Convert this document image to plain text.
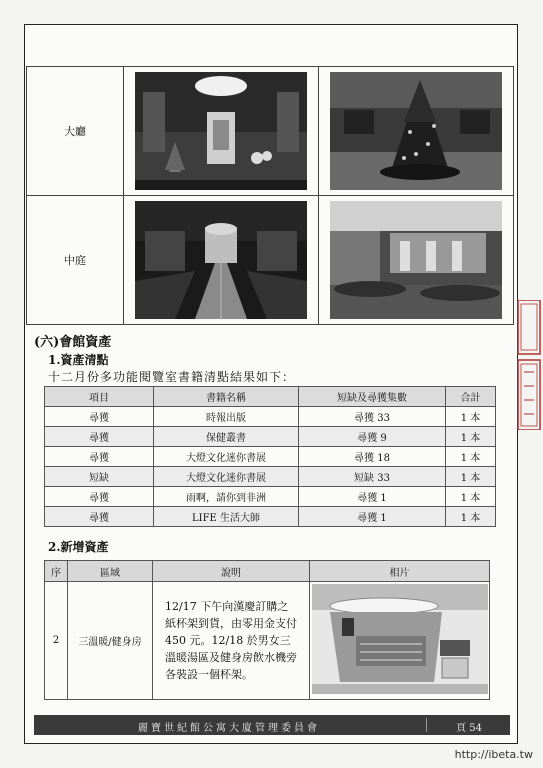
大廳	

中庭	

(六)會館資產
1.資產清點
十二月份多功能閱覽室書籍清點結果如下：
項目	書籍名稱	短缺及尋獲集數	合計
尋獲	時報出版	尋獲 33	1 本
尋獲	保健叢書	尋獲 9	1 本
尋獲	大燈文化迷你書展	尋獲 18	1 本
短缺	大燈文化迷你書展	短缺 33	1 本
尋獲	雨啊，請你到非洲	尋獲 1	1 本
尋獲	LIFE 生活大師	尋獲 1	1 本
2.新增資產
序	區域	說明	相片
2	三溫暖/健身房	12/17 下午向漢慶訂購之紙杯架到貨，由零用金支付 450 元。12/18 於男女三溫暖湯區及健身房飲水機旁各裝設一個杯架。	
麗寶世紀館公寓大廈管理委員會	頁 54
http://ibeta.tw
